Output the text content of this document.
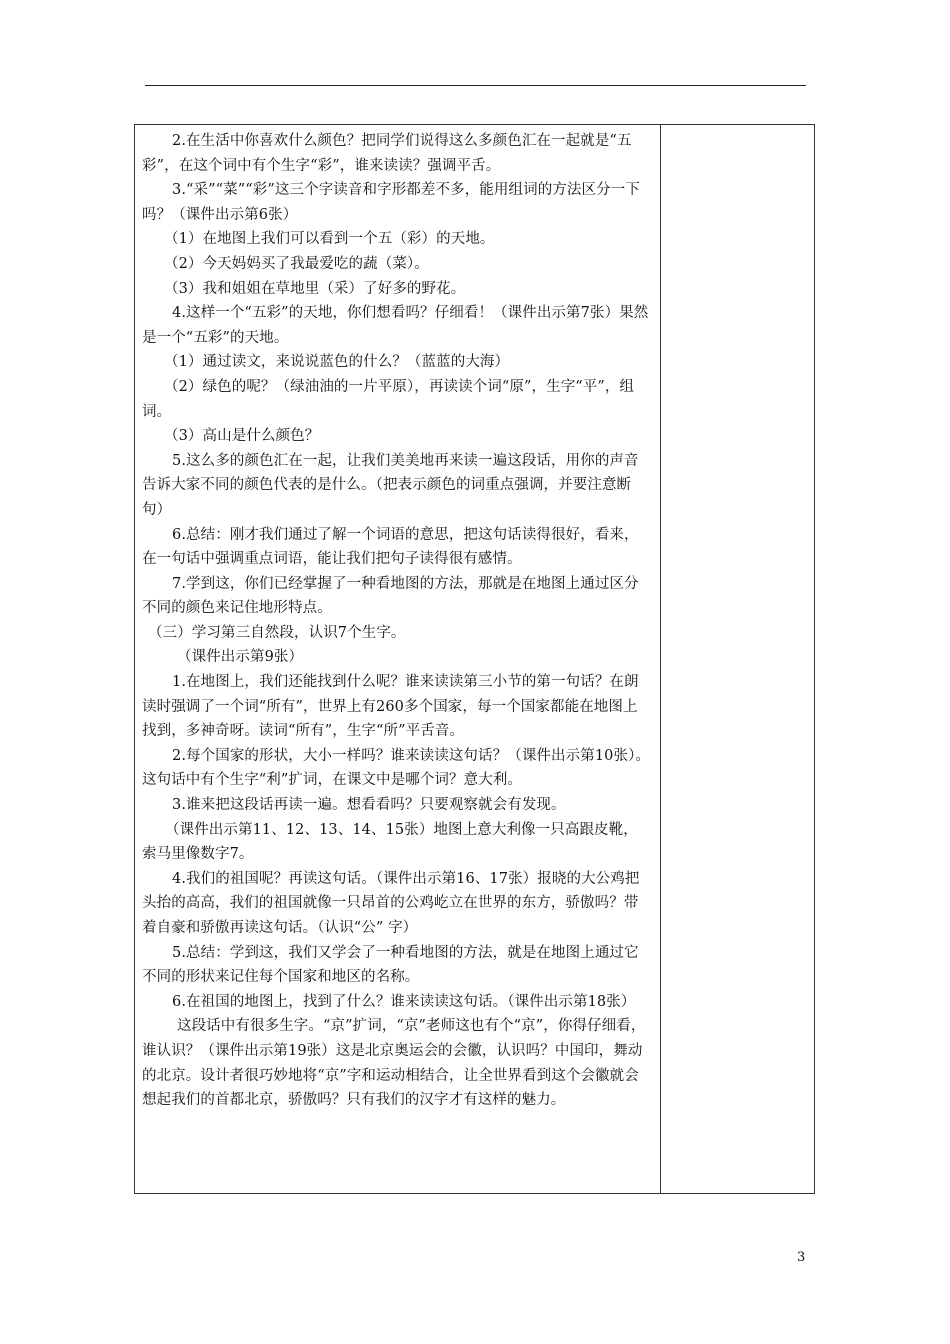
2.在生活中你喜欢什么颜色？把同学们说得这么多颜色汇在一起就是“五彩”，在这个词中有个生字“彩”，谁来读读？强调平舌。

3.“采”“菜”“彩”这三个字读音和字形都差不多，能用组词的方法区分一下吗？（课件出示第6张）

（1）在地图上我们可以看到一个五（彩）的天地。

（2）今天妈妈买了我最爱吃的蔬（菜）。

（3）我和姐姐在草地里（采）了好多的野花。

4.这样一个“五彩”的天地，你们想看吗？仔细看！（课件出示第7张）果然是一个“五彩”的天地。

（1）通过读文，来说说蓝色的什么？（蓝蓝的大海）

（2）绿色的呢？（绿油油的一片平原），再读读个词“原”，生字“平”，组词。

（3）高山是什么颜色？

5.这么多的颜色汇在一起，让我们美美地再来读一遍这段话，用你的声音告诉大家不同的颜色代表的是什么。（把表示颜色的词重点强调，并要注意断句）

6.总结：刚才我们通过了解一个词语的意思，把这句话读得很好，看来，在一句话中强调重点词语，能让我们把句子读得很有感情。

7.学到这，你们已经掌握了一种看地图的方法，那就是在地图上通过区分不同的颜色来记住地形特点。

（三）学习第三自然段，认识7个生字。

（课件出示第9张）

1.在地图上，我们还能找到什么呢？谁来读读第三小节的第一句话？在朗读时强调了一个词“所有”，世界上有260多个国家，每一个国家都能在地图上找到，多神奇呀。读词“所有”，生字“所”平舌音。

2.每个国家的形状，大小一样吗？谁来读读这句话？（课件出示第10张）。　这句话中有个生字“利”扩词，在课文中是哪个词？意大利。

3.谁来把这段话再读一遍。想看看吗？只要观察就会有发现。

（课件出示第11、12、13、14、15张）地图上意大利像一只高跟皮靴，索马里像数字7。

4.我们的祖国呢？再读这句话。（课件出示第16、17张）报晓的大公鸡把头抬的高高，我们的祖国就像一只昂首的公鸡屹立在世界的东方，骄傲吗？带着自豪和骄傲再读这句话。（认识“公” 字）

5.总结：学到这，我们又学会了一种看地图的方法，就是在地图上通过它不同的形状来记住每个国家和地区的名称。

6.在祖国的地图上，找到了什么？谁来读读这句话。（课件出示第18张）

这段话中有很多生字。“京”扩词，“京”老师这也有个“京”，你得仔细看，谁认识？（课件出示第19张）这是北京奥运会的会徽，认识吗？中国印，舞动的北京。设计者很巧妙地将“京”字和运动相结合，让全世界看到这个会徽就会想起我们的首都北京，骄傲吗？只有我们的汉字才有这样的魅力。

3
